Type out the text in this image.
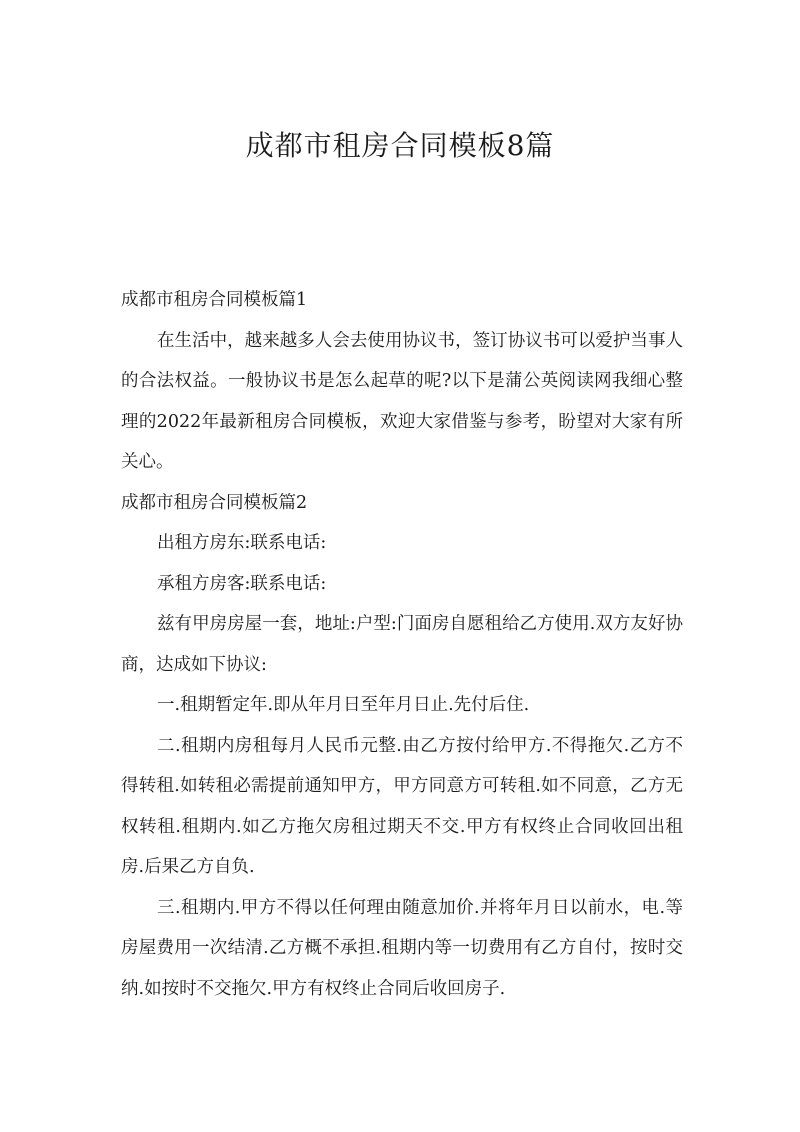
成都市租房合同模板8篇

成都市租房合同模板篇1

在生活中，越来越多人会去使用协议书，签订协议书可以爱护当事人的合法权益。一般协议书是怎么起草的呢?以下是蒲公英阅读网我细心整理的2022年最新租房合同模板，欢迎大家借鉴与参考，盼望对大家有所关心。

成都市租房合同模板篇2

出租方房东:联系电话:

承租方房客:联系电话:

兹有甲房房屋一套，地址:户型:门面房自愿租给乙方使用.双方友好协商，达成如下协议:

一.租期暂定年.即从年月日至年月日止.先付后住.

二.租期内房租每月人民币元整.由乙方按付给甲方.不得拖欠.乙方不得转租.如转租必需提前通知甲方，甲方同意方可转租.如不同意，乙方无权转租.租期内.如乙方拖欠房租过期天不交.甲方有权终止合同收回出租房.后果乙方自负.

三.租期内.甲方不得以任何理由随意加价.并将年月日以前水，电.等房屋费用一次结清.乙方概不承担.租期内等一切费用有乙方自付，按时交纳.如按时不交拖欠.甲方有权终止合同后收回房子.
